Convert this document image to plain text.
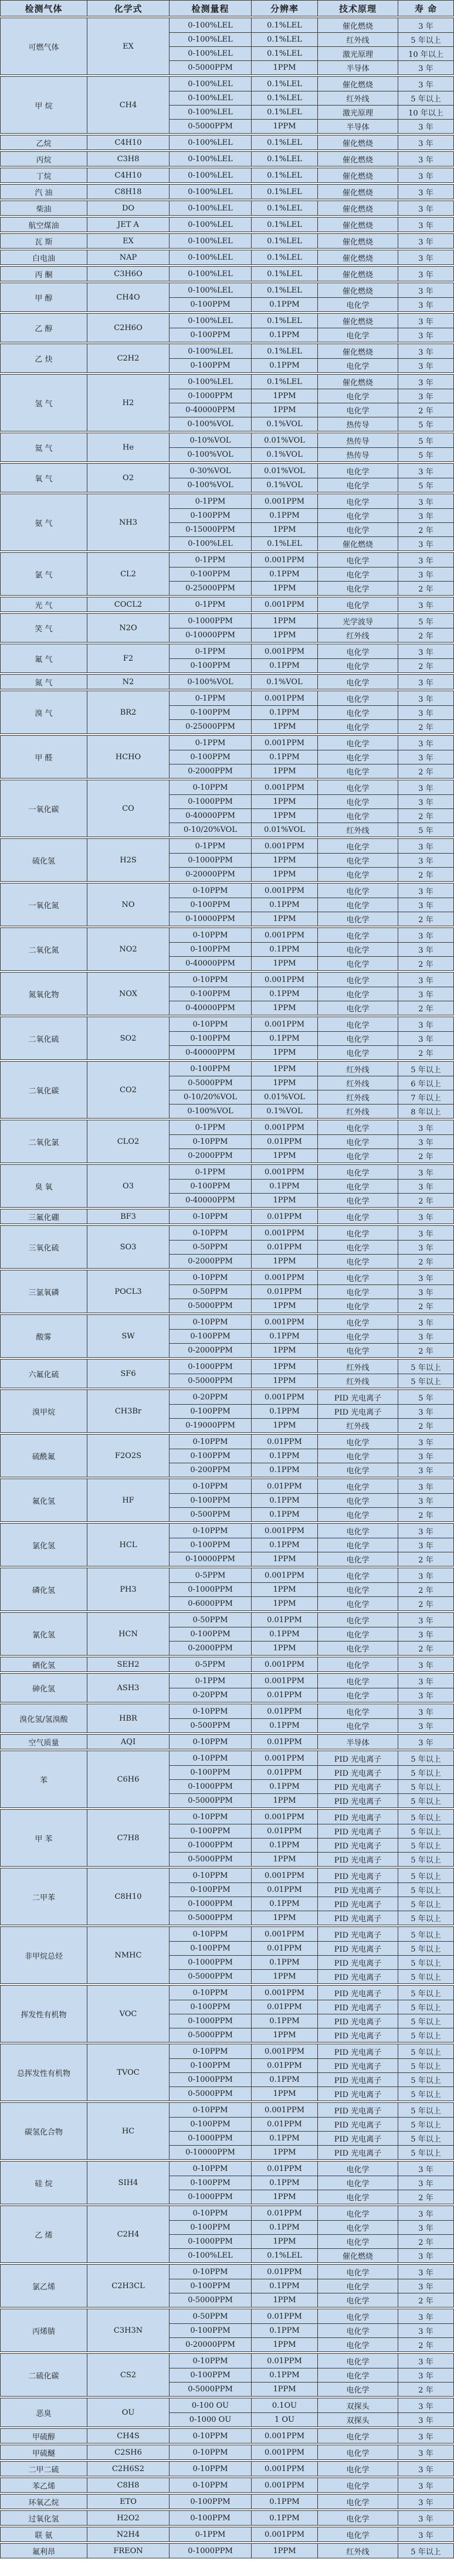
检测气体	化学式	检测量程	分辨率	技术原理	寿 命
可燃气体	EX
0-100%LEL	0.1%LEL	催化燃烧	3 年
0-100%LEL	0.1%LEL	红外线	5 年以上
0-100%LEL	0.1%LEL	激光原理	10 年以上
0-5000PPM	1PPM	半导体	3 年
甲 烷	CH4
0-100%LEL	0.1%LEL	催化燃烧	3 年
0-100%LEL	0.1%LEL	红外线	5 年以上
0-100%LEL	0.1%LEL	激光原理	10 年以上
0-5000PPM	1PPM	半导体	3 年
乙烷	C4H10	0-100%LEL	0.1%LEL	催化燃烧	3 年
丙烷	C3H8	0-100%LEL	0.1%LEL	催化燃烧	3 年
丁烷	C4H10	0-100%LEL	0.1%LEL	催化燃烧	3 年
汽 油	C8H18	0-100%LEL	0.1%LEL	催化燃烧	3 年
柴油	DO	0-100%LEL	0.1%LEL	催化燃烧	3 年
航空煤油	JET A	0-100%LEL	0.1%LEL	催化燃烧	3 年
瓦 斯	EX	0-100%LEL	0.1%LEL	催化燃烧	3 年
白电油	NAP	0-100%LEL	0.1%LEL	催化燃烧	3 年
丙 酮	C3H6O	0-100%LEL	0.1%LEL	催化燃烧	3 年
甲 醇	CH4O
0-100%LEL	0.1%LEL	催化燃烧	3 年
0-100PPM	0.1PPM	电化学	3 年
乙 醇	C2H6O
0-100%LEL	0.1%LEL	催化燃烧	3 年
0-100PPM	0.1PPM	电化学	3 年
乙 炔	C2H2
0-100%LEL	0.1%LEL	催化燃烧	3 年
0-100PPM	0.1PPM	电化学	3 年
氢 气	H2
0-100%LEL	0.1%LEL	催化燃烧	3 年
0-1000PPM	1PPM	电化学	3 年
0-40000PPM	1PPM	电化学	2 年
0-100%VOL	0.1%VOL	热传导	5 年
氦 气	He
0-10%VOL	0.01%VOL	热传导	5 年
0-100%VOL	0.1%VOL	热传导	5 年
氧 气	O2
0-30%VOL	0.01%VOL	电化学	3 年
0-100%VOL	0.1%VOL	电化学	5 年
氨 气	NH3
0-1PPM	0.001PPM	电化学	3 年
0-100PPM	0.1PPM	电化学	3 年
0-15000PPM	1PPM	电化学	2 年
0-100%LEL	0.1%LEL	催化燃烧	3 年
氯 气	CL2
0-1PPM	0.001PPM	电化学	3 年
0-100PPM	0.1PPM	电化学	3 年
0-25000PPM	1PPM	电化学	2 年
光 气	COCL2	0-1PPM	0.001PPM	电化学	3 年
笑 气	N2O
0-1000PPM	1PPM	光学波导	5 年
0-10000PPM	1PPM	红外线	2 年
氟 气	F2
0-1PPM	0.001PPM	电化学	3 年
0-100PPM	0.1PPM	电化学	2 年
氮 气	N2	0-100%VOL	0.1%VOL	电化学	3 年
溴 气	BR2
0-1PPM	0.001PPM	电化学	3 年
0-100PPM	0.1PPM	电化学	3 年
0-25000PPM	1PPM	电化学	2 年
甲 醛	HCHO
0-1PPM	0.001PPM	电化学	3 年
0-100PPM	0.1PPM	电化学	3 年
0-2000PPM	1PPM	电化学	2 年
一氧化碳	CO
0-10PPM	0.001PPM	电化学	3 年
0-1000PPM	1PPM	电化学	3 年
0-40000PPM	1PPM	电化学	2 年
0-10/20%VOL	0.01%VOL	红外线	5 年
硫化氢	H2S
0-1PPM	0.001PPM	电化学	3 年
0-1000PPM	1PPM	电化学	3 年
0-20000PPM	1PPM	电化学	2 年
一氧化氮	NO
0-10PPM	0.001PPM	电化学	3 年
0-100PPM	0.1PPM	电化学	3 年
0-10000PPM	1PPM	电化学	2 年
二氧化氮	NO2
0-10PPM	0.001PPM	电化学	3 年
0-100PPM	0.1PPM	电化学	3 年
0-40000PPM	1PPM	电化学	2 年
氮氧化物	NOX
0-10PPM	0.001PPM	电化学	3 年
0-100PPM	0.1PPM	电化学	3 年
0-40000PPM	1PPM	电化学	2 年
二氧化硫	SO2
0-10PPM	0.001PPM	电化学	3 年
0-100PPM	0.1PPM	电化学	3 年
0-40000PPM	1PPM	电化学	2 年
二氧化碳	CO2
0-100PPM	1PPM	红外线	5 年以上
0-5000PPM	1PPM	红外线	6 年以上
0-10/20%VOL	0.01%VOL	红外线	7 年以上
0-100%VOL	0.1%VOL	红外线	8 年以上
二氧化氯	CLO2
0-1PPM	0.001PPM	电化学	3 年
0-10PPM	0.01PPM	电化学	3 年
0-2000PPM	1PPM	电化学	2 年
臭 氧	O3
0-1PPM	0.001PPM	电化学	3 年
0-100PPM	0.1PPM	电化学	3 年
0-40000PPM	1PPM	电化学	2 年
三氟化硼	BF3	0-10PPM	0.01PPM	电化学	3 年
三氧化硫	SO3
0-10PPM	0.001PPM	电化学	3 年
0-50PPM	0.01PPM	电化学	3 年
0-2000PPM	1PPM	电化学	2 年
三氯氧磷	POCL3
0-10PPM	0.001PPM	电化学	3 年
0-50PPM	0.01PPM	电化学	3 年
0-5000PPM	1PPM	电化学	2 年
酸雾	SW
0-10PPM	0.001PPM	电化学	3 年
0-100PPM	0.1PPM	电化学	3 年
0-2000PPM	1PPM	电化学	2 年
六氟化硫	SF6
0-1000PPM	1PPM	红外线	5 年以上
0-5000PPM	1PPM	红外线	5 年以上
溴甲烷	CH3Br
0-20PPM	0.001PPM	PID 光电离子	5 年
0-100PPM	0.1PPM	PID 光电离子	3 年
0-19000PPM	1PPM	红外线	2 年
硫酰氟	F2O2S
0-10PPM	0.01PPM	电化学	3 年
0-100PPM	0.1PPM	电化学	3 年
0-200PPM	0.1PPM	电化学	3 年
氟化氢	HF
0-10PPM	0.01PPM	电化学	3 年
0-100PPM	0.1PPM	电化学	3 年
0-500PPM	0.1PPM	电化学	2 年
氯化氢	HCL
0-10PPM	0.001PPM	电化学	3 年
0-100PPM	0.1PPM	电化学	3 年
0-10000PPM	1PPM	电化学	2 年
磷化氢	PH3
0-5PPM	0.001PPM	电化学	3 年
0-1000PPM	1PPM	电化学	2 年
0-6000PPM	1PPM	电化学	2 年
氰化氢	HCN
0-50PPM	0.01PPM	电化学	3 年
0-100PPM	0.1PPM	电化学	3 年
0-2000PPM	1PPM	电化学	2 年
硒化氢	SEH2	0-5PPM	0.001PPM	电化学	3 年
砷化氢	ASH3
0-1PPM	0.001PPM	电化学	3 年
0-20PPM	0.01PPM	电化学	3 年
溴化氢/氢溴酸	HBR
0-10PPM	0.01PPM	电化学	3 年
0-500PPM	0.1PPM	电化学	3 年
空气质量	AQI	0-10PPM	0.01PPM	半导体	3 年
苯	C6H6
0-10PPM	0.001PPM	PID 光电离子	5 年以上
0-100PPM	0.01PPM	PID 光电离子	5 年以上
0-1000PPM	0.1PPM	PID 光电离子	5 年以上
0-5000PPM	1PPM	PID 光电离子	5 年以上
甲 苯	C7H8
0-10PPM	0.001PPM	PID 光电离子	5 年以上
0-100PPM	0.01PPM	PID 光电离子	5 年以上
0-1000PPM	0.1PPM	PID 光电离子	5 年以上
0-5000PPM	1PPM	PID 光电离子	5 年以上
二甲苯	C8H10
0-10PPM	0.001PPM	PID 光电离子	5 年以上
0-100PPM	0.01PPM	PID 光电离子	5 年以上
0-1000PPM	0.1PPM	PID 光电离子	5 年以上
0-5000PPM	1PPM	PID 光电离子	5 年以上
非甲烷总烃	NMHC
0-10PPM	0.001PPM	PID 光电离子	5 年以上
0-100PPM	0.01PPM	PID 光电离子	5 年以上
0-1000PPM	0.1PPM	PID 光电离子	5 年以上
0-5000PPM	1PPM	PID 光电离子	5 年以上
挥发性有机物	VOC
0-10PPM	0.001PPM	PID 光电离子	5 年以上
0-100PPM	0.01PPM	PID 光电离子	5 年以上
0-1000PPM	0.1PPM	PID 光电离子	5 年以上
0-5000PPM	1PPM	PID 光电离子	5 年以上
总挥发性有机物	TVOC
0-10PPM	0.001PPM	PID 光电离子	5 年以上
0-100PPM	0.01PPM	PID 光电离子	5 年以上
0-1000PPM	0.1PPM	PID 光电离子	5 年以上
0-5000PPM	1PPM	PID 光电离子	5 年以上
碳氢化合物	HC
0-10PPM	0.001PPM	PID 光电离子	5 年以上
0-100PPM	0.01PPM	PID 光电离子	5 年以上
0-1000PPM	0.1PPM	PID 光电离子	5 年以上
0-10000PPM	1PPM	PID 光电离子	5 年以上
硅 烷	SIH4
0-10PPM	0.01PPM	电化学	3 年
0-100PPM	0.1PPM	电化学	3 年
0-1000PPM	1PPM	电化学	2 年
乙 烯	C2H4
0-10PPM	0.01PPM	电化学	3 年
0-100PPM	0.1PPM	电化学	3 年
0-1000PPM	1PPM	电化学	2 年
0-100%LEL	0.1%LEL	催化燃烧	3 年
氯乙烯	C2H3CL
0-10PPM	0.01PPM	电化学	3 年
0-100PPM	0.1PPM	电化学	3 年
0-5000PPM	1PPM	电化学	2 年
丙烯腈	C3H3N
0-50PPM	0.01PPM	电化学	3 年
0-100PPM	0.1PPM	电化学	3 年
0-20000PPM	1PPM	电化学	2 年
二硫化碳	CS2
0-10PPM	0.01PPM	电化学	3 年
0-100PPM	0.1PPM	电化学	3 年
0-5000PPM	1PPM	电化学	2 年
恶臭	OU
0-100 OU	0.1OU	双探头	3 年
0-1000 OU	1 OU	双探头	3 年
甲硫醇	CH4S	0-10PPM	0.001PPM	电化学	3 年
甲硫醚	C2SH6	0-10PPM	0.001PPM	电化学	3 年
二甲二硫	C2H6S2	0-10PPM	0.001PPM	电化学	3 年
苯乙烯	C8H8	0-10PPM	0.001PPM	电化学	3 年
环氧乙烷	ETO	0-100PPM	0.1PPM	电化学	3 年
过氧化氢	H2O2	0-100PPM	0.1PPM	电化学	3 年
联 氨	N2H4	0-1PPM	0.001PPM	电化学	3 年
氟利昂	FREON	0-1000PPM	1PPM	红外线	5 年以上
